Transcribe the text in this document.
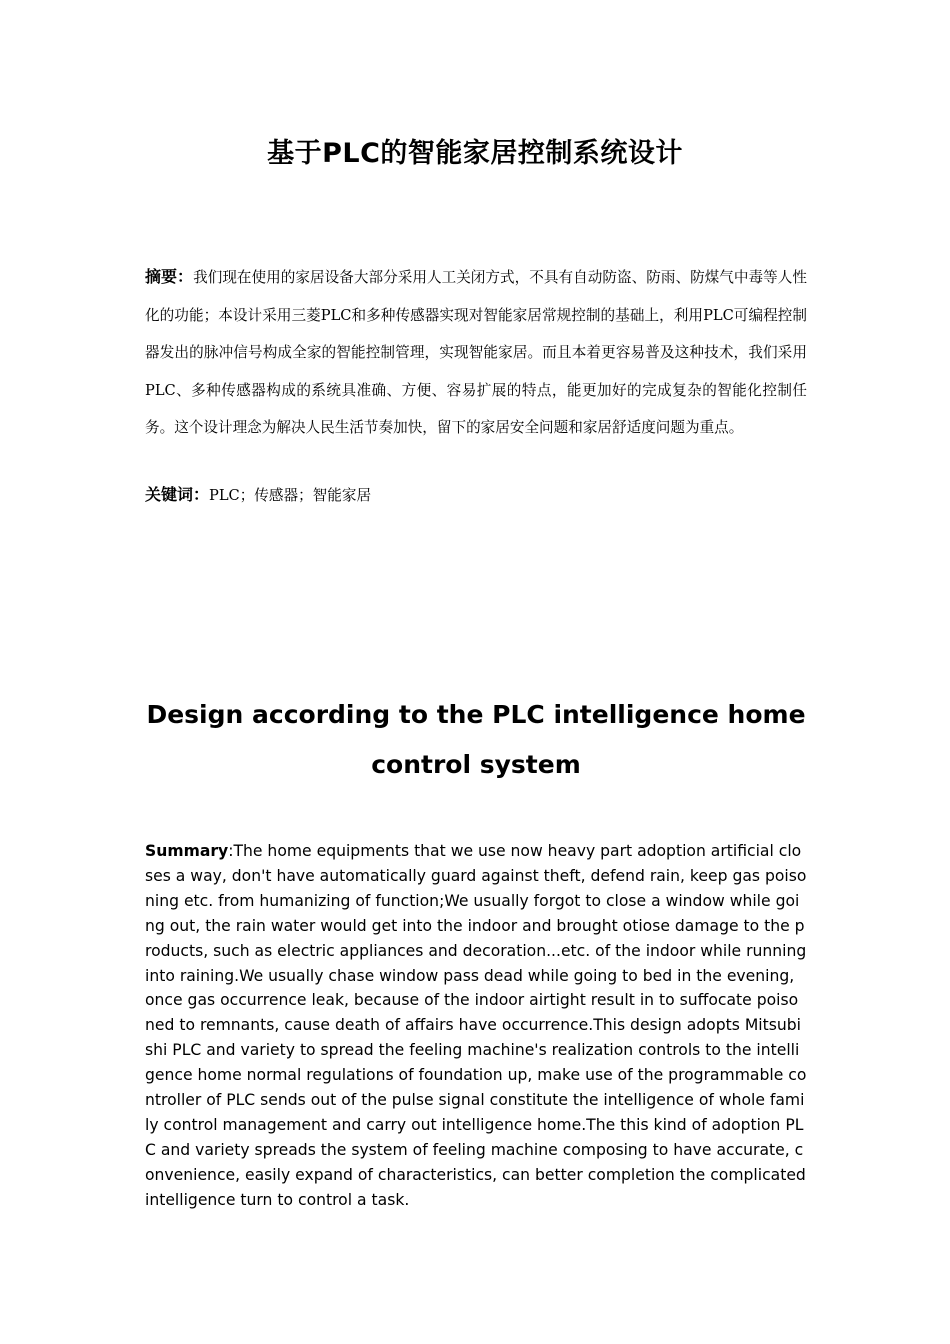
基于PLC的智能家居控制系统设计
摘要：我们现在使用的家居设备大部分采用人工关闭方式，不具有自动防盗、防雨、防煤气中毒等人性化的功能；本设计采用三菱PLC和多种传感器实现对智能家居常规控制的基础上，利用PLC可编程控制器发出的脉冲信号构成全家的智能控制管理，实现智能家居。而且本着更容易普及这种技术，我们采用PLC、多种传感器构成的系统具准确、方便、容易扩展的特点，能更加好的完成复杂的智能化控制任务。这个设计理念为解决人民生活节奏加快，留下的家居安全问题和家居舒适度问题为重点。
关键词：PLC；传感器；智能家居
Design according to the PLC intelligence home control system
Summary:The home equipments that we use now heavy part adoption artificial closes a way, don't have automatically guard against theft, defend rain, keep gas poisoning etc. from humanizing of function;We usually forgot to close a window while going out, the rain water would get into the indoor and brought otiose damage to the products, such as electric appliances and decoration...etc. of the indoor while running into raining.We usually chase window pass dead while going to bed in the evening, once gas occurrence leak, because of the indoor airtight result in to suffocate poisoned to remnants, cause death of affairs have occurrence.This design adopts Mitsubishi PLC and variety to spread the feeling machine's realization controls to the intelligence home normal regulations of foundation up, make use of the programmable controller of PLC sends out of the pulse signal constitute the intelligence of whole family control management and carry out intelligence home.The this kind of adoption PLC and variety spreads the system of feeling machine composing to have accurate, convenience, easily expand of characteristics, can better completion the complicated intelligence turn to control a task.
